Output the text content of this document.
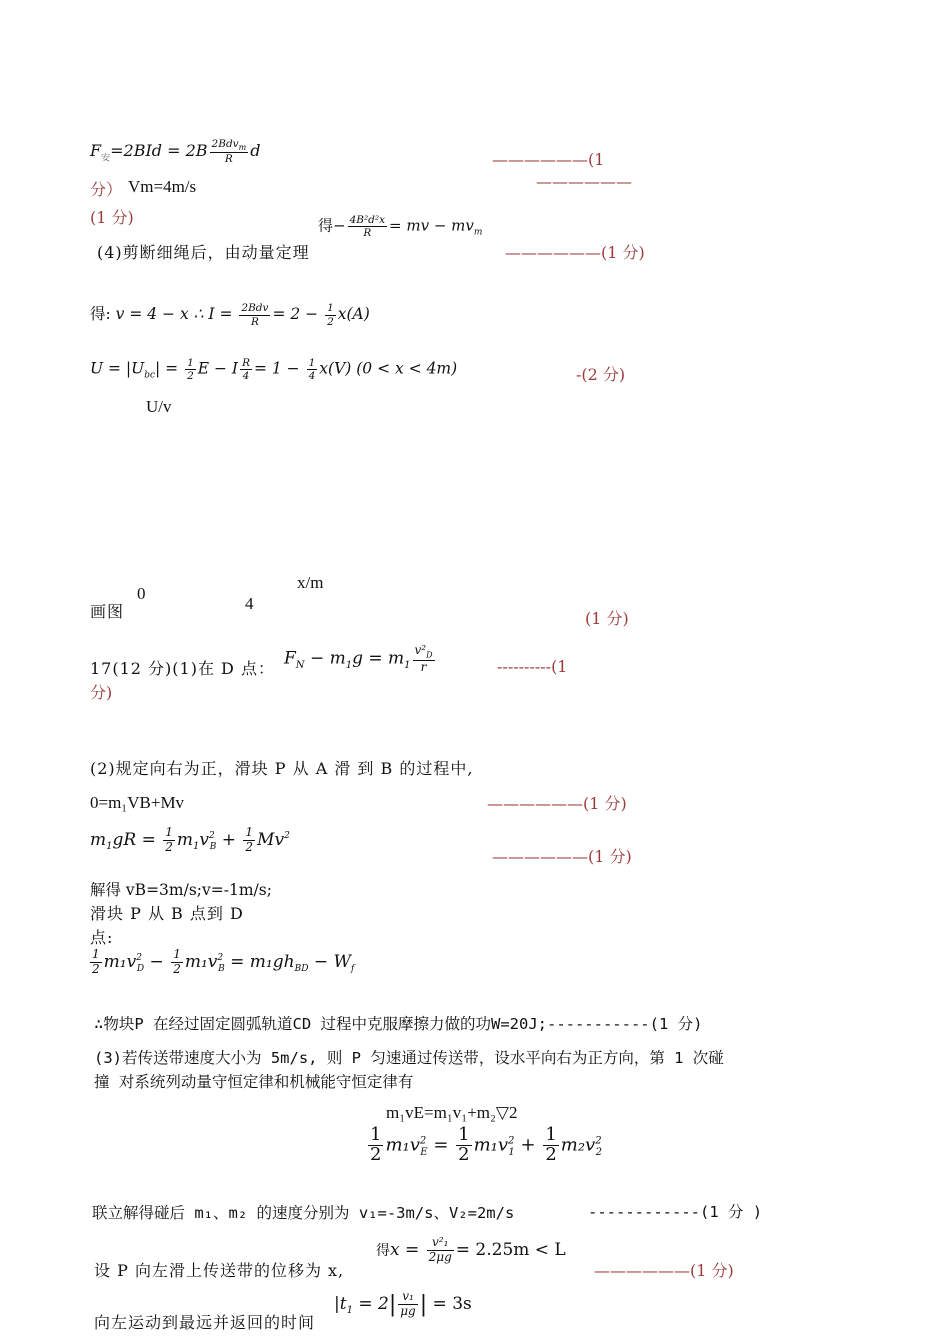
$F_安=2BId = 2B \frac{2Bdv_m}{R}$ d	——————(1
分） Vm=4m/s	——————
(1 分)	得− $\frac{\text{4B²d²x}}{R}$ = mv − $mv_m$
(4)剪断细绳后，由动量定理	——————(1 分)
得: v = 4 − x ∴ $I = \frac{\text{2Bdv}}{R} = 2 - \frac{1}{2} x(A)$
$U = |U_{bc}| = \frac{1}{2}$ E − I $\frac{R}{4} = 1 - \frac{1}{4} x(V) (0 < x < 4m)$	-(2 分)
U/v
x/m
0
4
画图	(1 分)
17(12 分)(1)在 D 点： $F_N - m_1g = m_1 \frac{v^2_D}{r}$	----------(1
分)
(2)规定向右为正，滑块 P 从 A 滑 到 B 的过程中,
0=m₁VB+Mv	——————(1 分)
$m_1gR = \frac{1}{2} m_1v^2_B + \frac{1}{2} Mv^2$
——————(1 分)
解得 vB=3m/s;v=-1m/s;
滑块 P 从 B 点到 D
点:
$\frac{1}{2} m_1v^2_D - \frac{1}{2} m_1v^2_B = m_1gh_{BD} - W_f$
∴物块P 在经过固定圆弧轨道CD 过程中克服摩擦力做的功W=20J;-----------(1 分)
(3)若传送带速度大小为 5m/s, 则 P 匀速通过传送带，设水平向右为正方向，第 1 次碰
撞 对系统列动量守恒定律和机械能守恒定律有
m₁vE=m₁v₁+m₂▽2
$\frac{1}{2} m_1v^2_E = \frac{1}{2} m_1v^2_1 + \frac{1}{2} m_2v^2_2$
联立解得碰后 m₁、m₂ 的速度分别为 v₁=-3m/s、V₂=2m/s	------------(1 分 )
设 P 向左滑上传送带的位移为 x,
得$x = \frac{\text{v²₁}}{2\mu g} = 2.25m < L$
——————(1 分)
向左运动到最远并返回的时间
$|t_1 = 2| \frac{\text{v₁}}{\mu g}$ | = 3s
